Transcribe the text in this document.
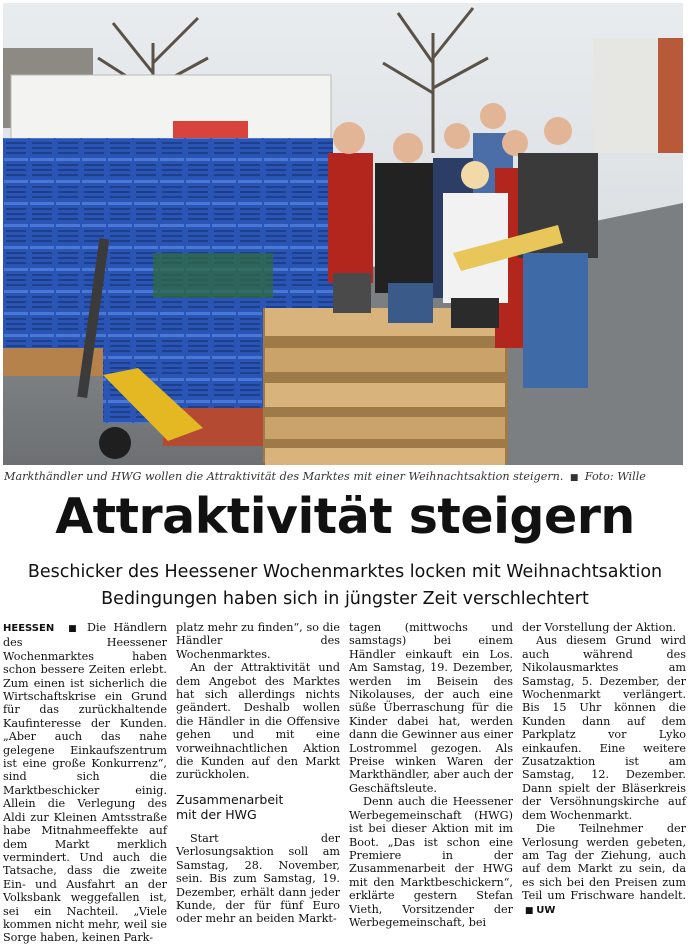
Markthändler und HWG wollen die Attraktivität des Marktes mit einer Weihnachtsaktion steigern.  ■  Foto: Wille
Attraktivität steigern
Beschicker des Heessener Wochenmarktes locken mit Weihnachtsaktion
Bedingungen haben sich in jüngster Zeit verschlechtert

HEESSEN  ■ Die Händlern des Heessener Wochenmarktes haben schon bessere Zeiten erlebt. Zum einen ist sicherlich die Wirtschaftskrise ein Grund für das zurückhaltende Kaufinteresse der Kunden. „Aber auch das nahe gelegene Einkaufszentrum ist eine große Konkurrenz“, sind sich die Marktbeschicker einig. Allein die Verlegung des Aldi zur Kleinen Amtsstraße habe Mitnahmeeffekte auf dem Markt merklich vermindert. Und auch die Tatsache, dass die zweite Ein- und Ausfahrt an der Volksbank weggefallen ist, sei ein Nachteil. „Viele kommen nicht mehr, weil sie Sorge haben, keinen Park-

platz mehr zu finden“, so die Händler des Wochenmarktes.

An der Attraktivität und dem Angebot des Marktes hat sich allerdings nichts geändert. Deshalb wollen die Händler in die Offensive gehen und mit eine vorweihnachtlichen Aktion die Kunden auf den Markt zurückholen.

Zusammenarbeit
mit der HWG

Start der Verlosungsaktion soll am Samstag, 28. November, sein. Bis zum Samstag, 19. Dezember, erhält dann jeder Kunde, der für fünf Euro oder mehr an beiden Markt-

tagen (mittwochs und samstags) bei einem Händler einkauft ein Los. Am Samstag, 19. Dezember, werden im Beisein des Nikolauses, der auch eine süße Überraschung für die Kinder dabei hat, werden dann die Gewinner aus einer Lostrommel gezogen. Als Preise winken Waren der Markthändler, aber auch der Geschäftsleute.

Denn auch die Heessener Werbegemeinschaft (HWG) ist bei dieser Aktion mit im Boot. „Das ist schon eine Premiere in der Zusammenarbeit der HWG mit den Marktbeschickern“, erklärte gestern Stefan Vieth, Vorsitzender der Werbegemeinschaft, bei

der Vorstellung der Aktion.

Aus diesem Grund wird auch während des Nikolausmarktes am Samstag, 5. Dezember, der Wochenmarkt verlängert. Bis 15 Uhr können die Kunden dann auf dem Parkplatz vor Lyko einkaufen. Eine weitere Zusatzaktion ist am Samstag, 12. Dezember. Dann spielt der Bläserkreis der Versöhnungskirche auf dem Wochenmarkt.

Die Teilnehmer der Verlosung werden gebeten, am Tag der Ziehung, auch auf dem Markt zu sein, da es sich bei den Preisen zum Teil um Frischware handelt.  ■ UW
